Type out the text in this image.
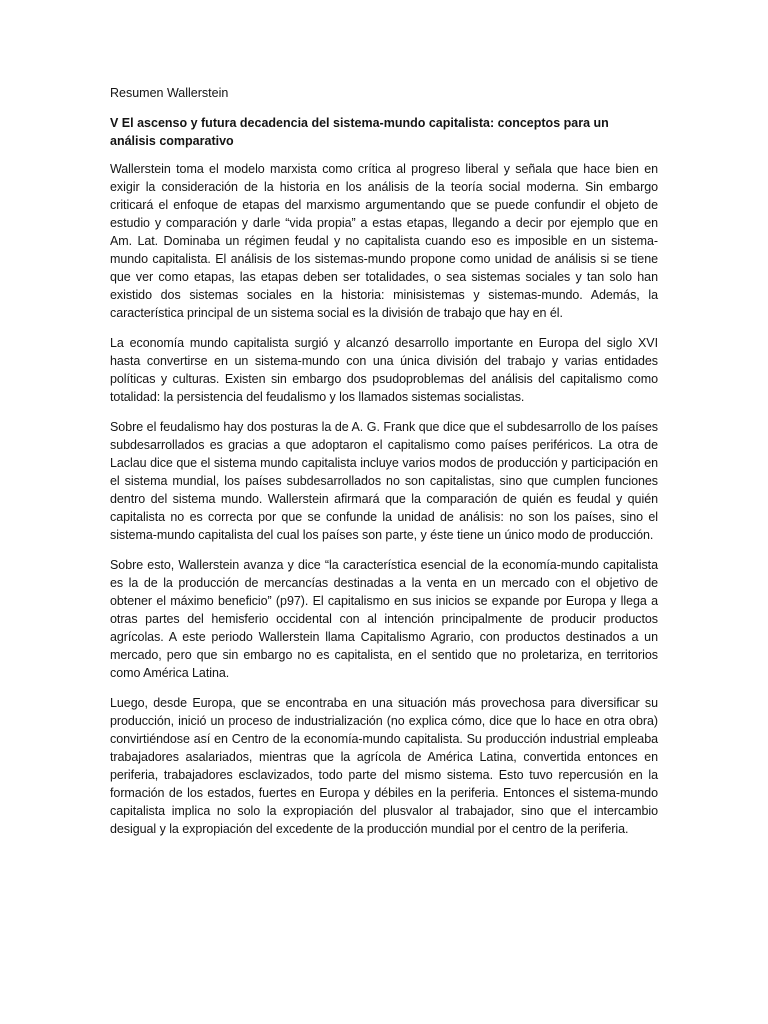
Resumen Wallerstein

V El ascenso y futura decadencia del sistema-mundo capitalista: conceptos para un análisis comparativo

Wallerstein toma el modelo marxista como crítica al progreso liberal y señala que hace bien en exigir la consideración de la historia en los análisis de la teoría social moderna. Sin embargo criticará el enfoque de etapas del marxismo argumentando que se puede confundir el objeto de estudio y comparación y darle “vida propia” a estas etapas, llegando a decir por ejemplo que en Am. Lat. Dominaba un régimen feudal y no capitalista cuando eso es imposible en un sistema-mundo capitalista. El análisis de los sistemas-mundo propone como unidad de análisis si se tiene que ver como etapas, las etapas deben ser totalidades, o sea sistemas sociales y tan solo han existido dos sistemas sociales en la historia: minisistemas y sistemas-mundo. Además, la característica principal de un sistema social es la división de trabajo que hay en él.

La economía mundo capitalista surgió y alcanzó desarrollo importante en Europa del siglo XVI hasta convertirse en un sistema-mundo con una única división del trabajo y varias entidades políticas y culturas. Existen sin embargo dos psudoproblemas del análisis del capitalismo como totalidad: la persistencia del feudalismo y los llamados sistemas socialistas.

Sobre el feudalismo hay dos posturas la de A. G. Frank que dice que el subdesarrollo de los países subdesarrollados es gracias a que adoptaron el capitalismo como países periféricos. La otra de Laclau dice que el sistema mundo capitalista incluye varios modos de producción y participación en el sistema mundial, los países subdesarrollados no son capitalistas, sino que cumplen funciones dentro del sistema mundo. Wallerstein afirmará que la comparación de quién es feudal y quién capitalista no es correcta por que se confunde la unidad de análisis: no son los países, sino el sistema-mundo capitalista del cual los países son parte, y éste tiene un único modo de producción.

Sobre esto, Wallerstein avanza y dice “la característica esencial de la economía-mundo capitalista es la de la producción de mercancías destinadas a la venta en un mercado con el objetivo de obtener el máximo beneficio” (p97). El capitalismo en sus inicios se expande por Europa y llega a otras partes del hemisferio occidental con al intención principalmente de producir productos agrícolas. A este periodo Wallerstein llama Capitalismo Agrario, con productos destinados a un mercado, pero que sin embargo no es capitalista, en el sentido que no proletariza, en territorios como América Latina.

Luego, desde Europa, que se encontraba en una situación más provechosa para diversificar su producción, inició un proceso de industrialización (no explica cómo, dice que lo hace en otra obra) convirtiéndose así en Centro de la economía-mundo capitalista. Su producción industrial empleaba trabajadores asalariados, mientras que la agrícola de América Latina, convertida entonces en periferia, trabajadores esclavizados, todo parte del mismo sistema. Esto tuvo repercusión en la formación de los estados, fuertes en Europa y débiles en la periferia. Entonces el sistema-mundo capitalista implica no solo la expropiación del plusvalor al trabajador, sino que el intercambio desigual y la expropiación del excedente de la producción mundial por el centro de la periferia.
